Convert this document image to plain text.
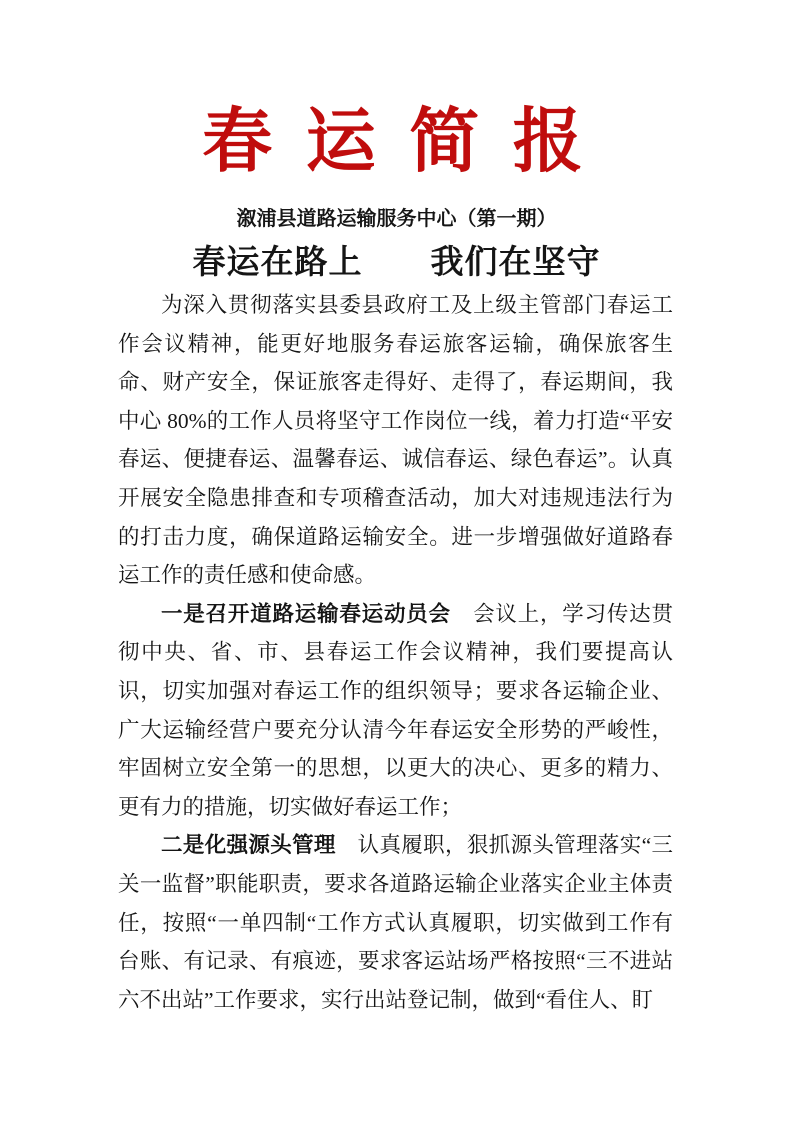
春 运 简 报
溆浦县道路运输服务中心（第一期）
春运在路上　　我们在坚守

为深入贯彻落实县委县政府工及上级主管部门春运工作会议精神，能更好地服务春运旅客运输，确保旅客生命、财产安全，保证旅客走得好、走得了，春运期间，我中心 80%的工作人员将坚守工作岗位一线，着力打造“平安春运、便捷春运、温馨春运、诚信春运、绿色春运”。认真开展安全隐患排查和专项稽查活动，加大对违规违法行为的打击力度，确保道路运输安全。进一步增强做好道路春运工作的责任感和使命感。

一是召开道路运输春运动员会　会议上，学习传达贯彻中央、省、市、县春运工作会议精神，我们要提高认识，切实加强对春运工作的组织领导；要求各运输企业、广大运输经营户要充分认清今年春运安全形势的严峻性，牢固树立安全第一的思想，以更大的决心、更多的精力、更有力的措施，切实做好春运工作；

二是化强源头管理　认真履职，狠抓源头管理落实“三关一监督”职能职责，要求各道路运输企业落实企业主体责任，按照“一单四制“工作方式认真履职，切实做到工作有台账、有记录、有痕迹，要求客运站场严格按照“三不进站六不出站”工作要求，实行出站登记制，做到“看住人、盯
